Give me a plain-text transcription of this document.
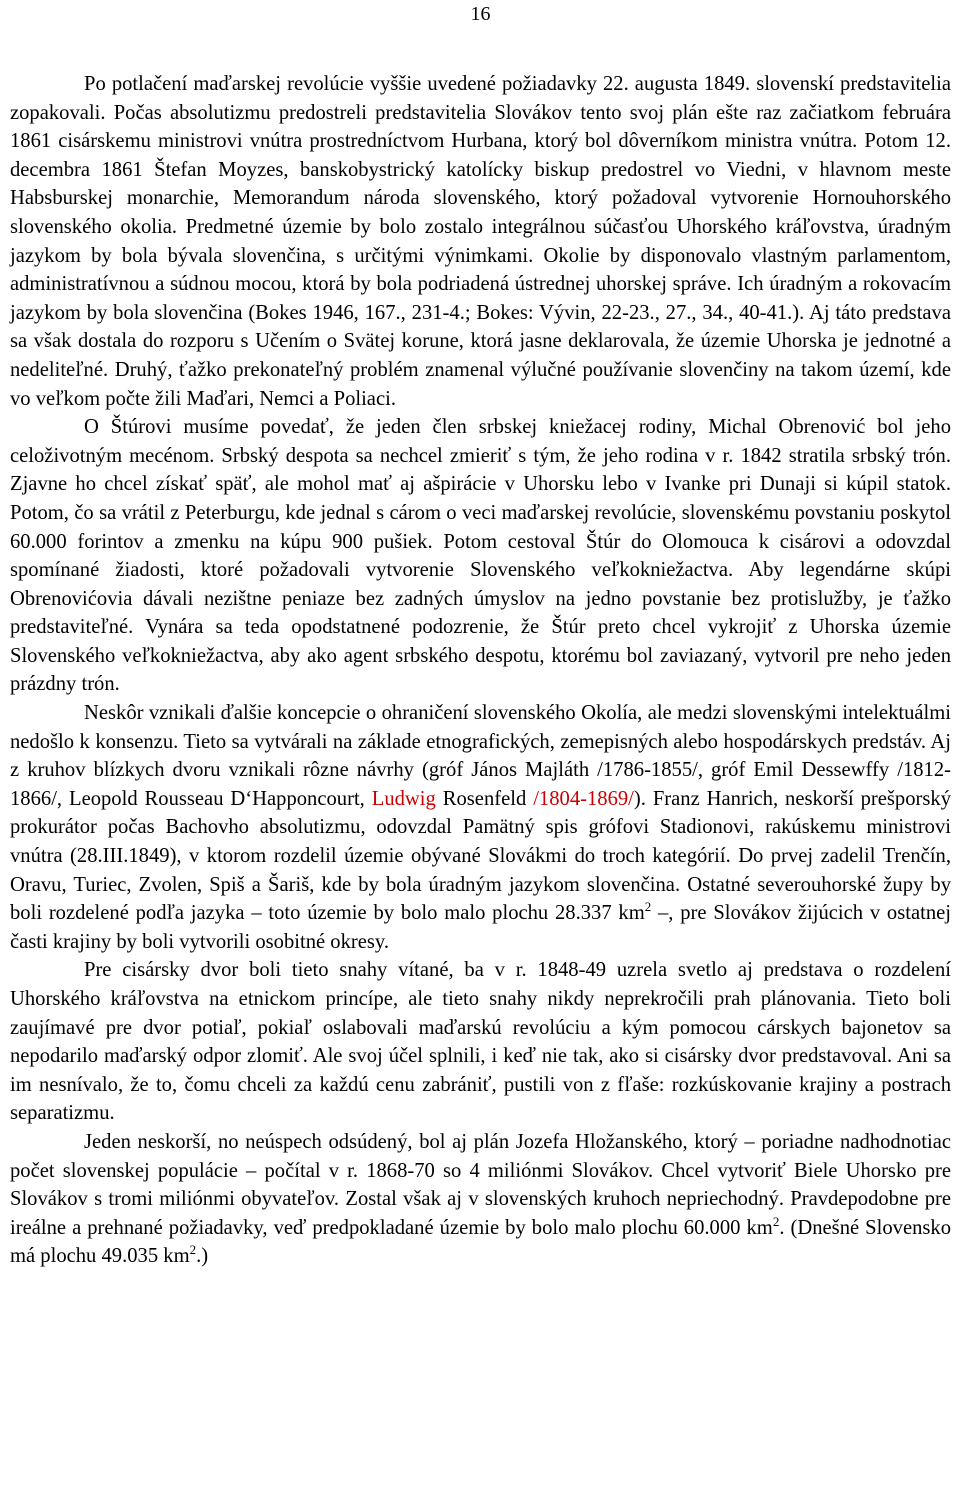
16

Po potlačení maďarskej revolúcie vyššie uvedené požiadavky 22. augusta 1849. slovenskí predstavitelia zopakovali. Počas absolutizmu predostreli predstavitelia Slovákov tento svoj plán ešte raz začiatkom februára 1861 cisárskemu ministrovi vnútra prostredníctvom Hurbana, ktorý bol dôverníkom ministra vnútra. Potom 12. decembra 1861 Štefan Moyzes, banskobystrický katolícky biskup predostrel vo Viedni, v hlavnom meste Habsburskej monarchie, Memorandum národa slovenského, ktorý požadoval vytvorenie Hornouhorského slovenského okolia. Predmetné územie by bolo zostalo integrálnou súčasťou Uhorského kráľovstva, úradným jazykom by bola bývala slovenčina, s určitými výnimkami. Okolie by disponovalo vlastným parlamentom, administratívnou a súdnou mocou, ktorá by bola podriadená ústrednej uhorskej správe. Ich úradným a rokovacím jazykom by bola slovenčina (Bokes 1946, 167., 231-4.; Bokes: Vývin, 22-23., 27., 34., 40-41.). Aj táto predstava sa však dostala do rozporu s Učením o Svätej korune, ktorá jasne deklarovala, že územie Uhorska je jednotné a nedeliteľné. Druhý, ťažko prekonateľný problém znamenal výlučné používanie slovenčiny na takom území, kde vo veľkom počte žili Maďari, Nemci a Poliaci.

O Štúrovi musíme povedať, že jeden člen srbskej kniežacej rodiny, Michal Obrenović bol jeho celoživotným mecénom. Srbský despota sa nechcel zmieriť s tým, že jeho rodina v r. 1842 stratila srbský trón. Zjavne ho chcel získať späť, ale mohol mať aj ašpirácie v Uhorsku lebo v Ivanke pri Dunaji si kúpil statok. Potom, čo sa vrátil z Peterburgu, kde jednal s cárom o veci maďarskej revolúcie, slovenskému povstaniu poskytol 60.000 forintov a zmenku na kúpu 900 pušiek. Potom cestoval Štúr do Olomouca k cisárovi a odovzdal spomínané žiadosti, ktoré požadovali vytvorenie Slovenského veľkokniežactva. Aby legendárne skúpi Obrenovićovia dávali nezištne peniaze bez zadných úmyslov na jedno povstanie bez protislužby, je ťažko predstaviteľné. Vynára sa teda opodstatnené podozrenie, že Štúr preto chcel vykrojiť z Uhorska územie Slovenského veľkokniežactva, aby ako agent srbského despotu, ktorému bol zaviazaný, vytvoril pre neho jeden prázdny trón.

Neskôr vznikali ďalšie koncepcie o ohraničení slovenského Okolía, ale medzi slovenskými intelektuálmi nedošlo k konsenzu. Tieto sa vytvárali na základe etnografických, zemepisných alebo hospodárskych predstáv. Aj z kruhov blízkych dvoru vznikali rôzne návrhy (gróf János Majláth /1786-1855/, gróf Emil Dessewffy /1812-1866/, Leopold Rousseau D‘Happoncourt, Ludwig Rosenfeld /1804-1869/). Franz Hanrich, neskorší prešporský prokurátor počas Bachovho absolutizmu, odovzdal Pamätný spis grófovi Stadionovi, rakúskemu ministrovi vnútra (28.III.1849), v ktorom rozdelil územie obývané Slovákmi do troch kategórií. Do prvej zadelil Trenčín, Oravu, Turiec, Zvolen, Spiš a Šariš, kde by bola úradným jazykom slovenčina. Ostatné severouhorské župy by boli rozdelené podľa jazyka – toto územie by bolo malo plochu 28.337 $km^2$ –, pre Slovákov žijúcich v ostatnej časti krajiny by boli vytvorili osobitné okresy.

Pre cisársky dvor boli tieto snahy vítané, ba v r. 1848-49 uzrela svetlo aj predstava o rozdelení Uhorského kráľovstva na etnickom princípe, ale tieto snahy nikdy neprekročili prah plánovania. Tieto boli zaujímavé pre dvor potiaľ, pokiaľ oslabovali maďarskú revolúciu a kým pomocou cárskych bajonetov sa nepodarilo maďarský odpor zlomiť. Ale svoj účel splnili, i keď nie tak, ako si cisársky dvor predstavoval. Ani sa im nesnívalo, že to, čomu chceli za každú cenu zabrániť, pustili von z fľaše: rozkúskovanie krajiny a postrach separatizmu.

Jeden neskorší, no neúspech odsúdený, bol aj plán Jozefa Hložanského, ktorý – poriadne nadhodnotiac počet slovenskej populácie – počítal v r. 1868-70 so 4 miliónmi Slovákov. Chcel vytvoriť Biele Uhorsko pre Slovákov s tromi miliónmi obyvateľov. Zostal však aj v slovenských kruhoch nepriechodný. Pravdepodobne pre ireálne a prehnané požiadavky, veď predpokladané územie by bolo malo plochu 60.000 $km^2$. (Dnešné Slovensko má plochu 49.035 $km^2$.)
